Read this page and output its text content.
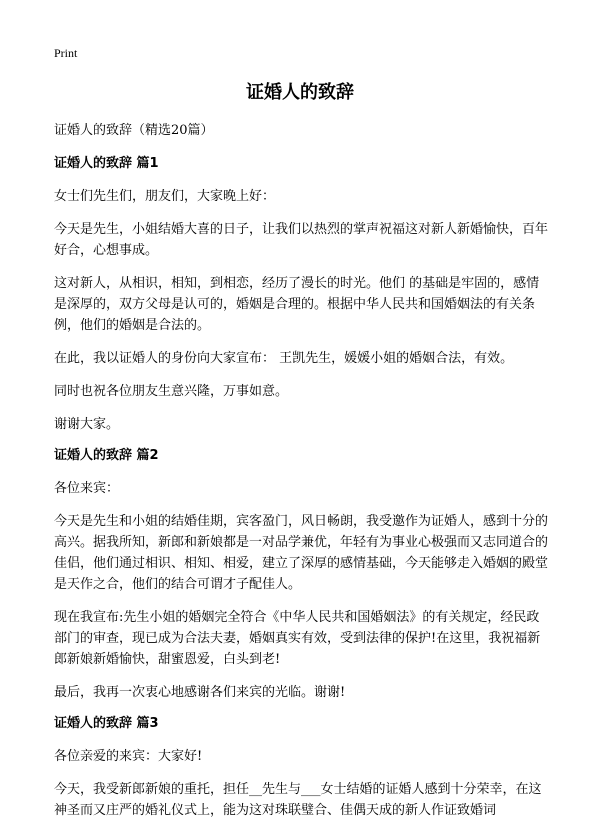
Print
证婚人的致辞

证婚人的致辞（精选20篇）

证婚人的致辞 篇1

女士们先生们，朋友们，大家晚上好：

今天是先生，小姐结婚大喜的日子，让我们以热烈的掌声祝福这对新人新婚愉快，百年好合，心想事成。

这对新人，从相识，相知，到相恋，经历了漫长的时光。他们 的基础是牢固的，感情是深厚的，双方父母是认可的，婚姻是合理的。根据中华人民共和国婚姻法的有关条例，他们的婚姻是合法的。

在此，我以证婚人的身份向大家宣布： 王凯先生，媛媛小姐的婚姻合法，有效。

同时也祝各位朋友生意兴隆，万事如意。

谢谢大家。

证婚人的致辞 篇2

各位来宾：

今天是先生和小姐的结婚佳期，宾客盈门，风日畅朗，我受邀作为证婚人，感到十分的高兴。据我所知，新郎和新娘都是一对品学兼优，年轻有为事业心极强而又志同道合的佳侣，他们通过相识、相知、相爱，建立了深厚的感情基础，今天能够走入婚姻的殿堂是天作之合，他们的结合可谓才子配佳人。

现在我宣布:先生小姐的婚姻完全符合《中华人民共和国婚姻法》的有关规定，经民政部门的审查，现已成为合法夫妻，婚姻真实有效，受到法律的保护!在这里，我祝福新郎新娘新婚愉快，甜蜜恩爱，白头到老!

最后，我再一次衷心地感谢各们来宾的光临。谢谢!

证婚人的致辞 篇3

各位亲爱的来宾：大家好!

今天，我受新郎新娘的重托，担任__先生与___女士结婚的证婚人感到十分荣幸，在这神圣而又庄严的婚礼仪式上，能为这对珠联璧合、佳偶天成的新人作证致婚词
